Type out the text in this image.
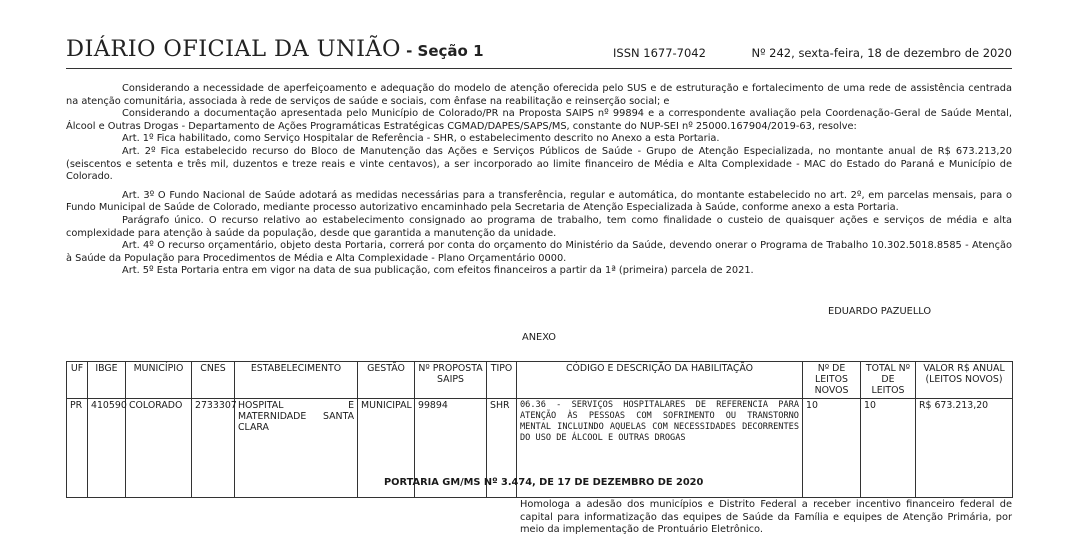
DIÁRIO OFICIAL DA UNIÃO - Seção 1	ISSN 1677-7042	Nº 242, sexta-feira, 18 de dezembro de 2020

Considerando a necessidade de aperfeiçoamento e adequação do modelo de atenção oferecida pelo SUS e de estruturação e fortalecimento de uma rede de assistência centrada na atenção comunitária, associada à rede de serviços de saúde e sociais, com ênfase na reabilitação e reinserção social; e

Considerando a documentação apresentada pelo Município de Colorado/PR na Proposta SAIPS nº 99894 e a correspondente avaliação pela Coordenação-Geral de Saúde Mental, Álcool e Outras Drogas - Departamento de Ações Programáticas Estratégicas CGMAD/DAPES/SAPS/MS, constante do NUP-SEI nº 25000.167904/2019-63, resolve:

Art. 1º Fica habilitado, como Serviço Hospitalar de Referência - SHR, o estabelecimento descrito no Anexo a esta Portaria.

Art. 2º Fica estabelecido recurso do Bloco de Manutenção das Ações e Serviços Públicos de Saúde - Grupo de Atenção Especializada, no montante anual de R$ 673.213,20 (seiscentos e setenta e três mil, duzentos e treze reais e vinte centavos), a ser incorporado ao limite financeiro de Média e Alta Complexidade - MAC do Estado do Paraná e Município de Colorado.

Art. 3º O Fundo Nacional de Saúde adotará as medidas necessárias para a transferência, regular e automática, do montante estabelecido no art. 2º, em parcelas mensais, para o Fundo Municipal de Saúde de Colorado, mediante processo autorizativo encaminhado pela Secretaria de Atenção Especializada à Saúde, conforme anexo a esta Portaria.

Parágrafo único. O recurso relativo ao estabelecimento consignado ao programa de trabalho, tem como finalidade o custeio de quaisquer ações e serviços de média e alta complexidade para atenção à saúde da população, desde que garantida a manutenção da unidade.

Art. 4º O recurso orçamentário, objeto desta Portaria, correrá por conta do orçamento do Ministério da Saúde, devendo onerar o Programa de Trabalho 10.302.5018.8585 - Atenção à Saúde da População para Procedimentos de Média e Alta Complexidade - Plano Orçamentário 0000.

Art. 5º Esta Portaria entra em vigor na data de sua publicação, com efeitos financeiros a partir da 1ª (primeira) parcela de 2021.

EDUARDO PAZUELLO
ANEXO
UF	IBGE	MUNICÍPIO	CNES	ESTABELECIMENTO	GESTÃO	Nº PROPOSTA SAIPS	TIPO	CÓDIGO E DESCRIÇÃO DA HABILITAÇÃO	Nº DE LEITOS NOVOS	TOTAL Nº DE LEITOS	VALOR R$ ANUAL (LEITOS NOVOS)
PR	410590	COLORADO	2733307	HOSPITAL E MATERNIDADE SANTA CLARA	MUNICIPAL	99894	SHR	06.36 - SERVIÇOS HOSPITALARES DE REFERENCIA PARA ATENÇÃO ÀS PESSOAS COM SOFRIMENTO OU TRANSTORNO MENTAL INCLUINDO AQUELAS COM NECESSIDADES DECORRENTES DO USO DE ÁLCOOL E OUTRAS DROGAS	10	10	R$ 673.213,20
PORTARIA GM/MS Nº 3.474, DE 17 DE DEZEMBRO DE 2020
Homologa a adesão dos municípios e Distrito Federal a receber incentivo financeiro federal de capital para informatização das equipes de Saúde da Família e equipes de Atenção Primária, por meio da implementação de Prontuário Eletrônico.
